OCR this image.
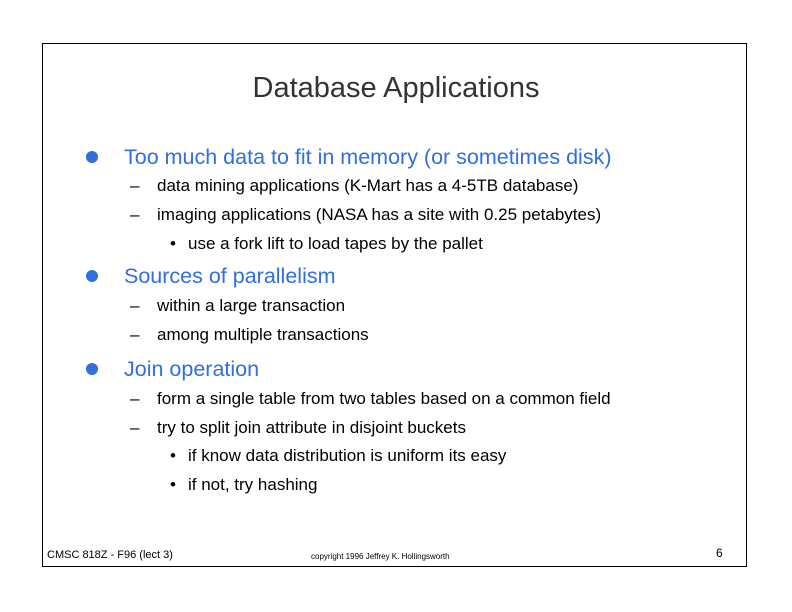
Database Applications
Too much data to fit in memory (or sometimes disk)
– data mining applications (K-Mart has a 4-5TB database)
– imaging applications (NASA has a site with 0.25 petabytes)
• use a fork lift to load tapes by the pallet
Sources of parallelism
– within a large transaction
– among multiple transactions
Join operation
– form a single table from two tables based on a common field
– try to split join attribute in disjoint buckets
• if know data distribution is uniform its easy
• if not, try hashing
CMSC 818Z - F96 (lect 3)	copyright 1996 Jeffrey K. Hollingsworth	6
